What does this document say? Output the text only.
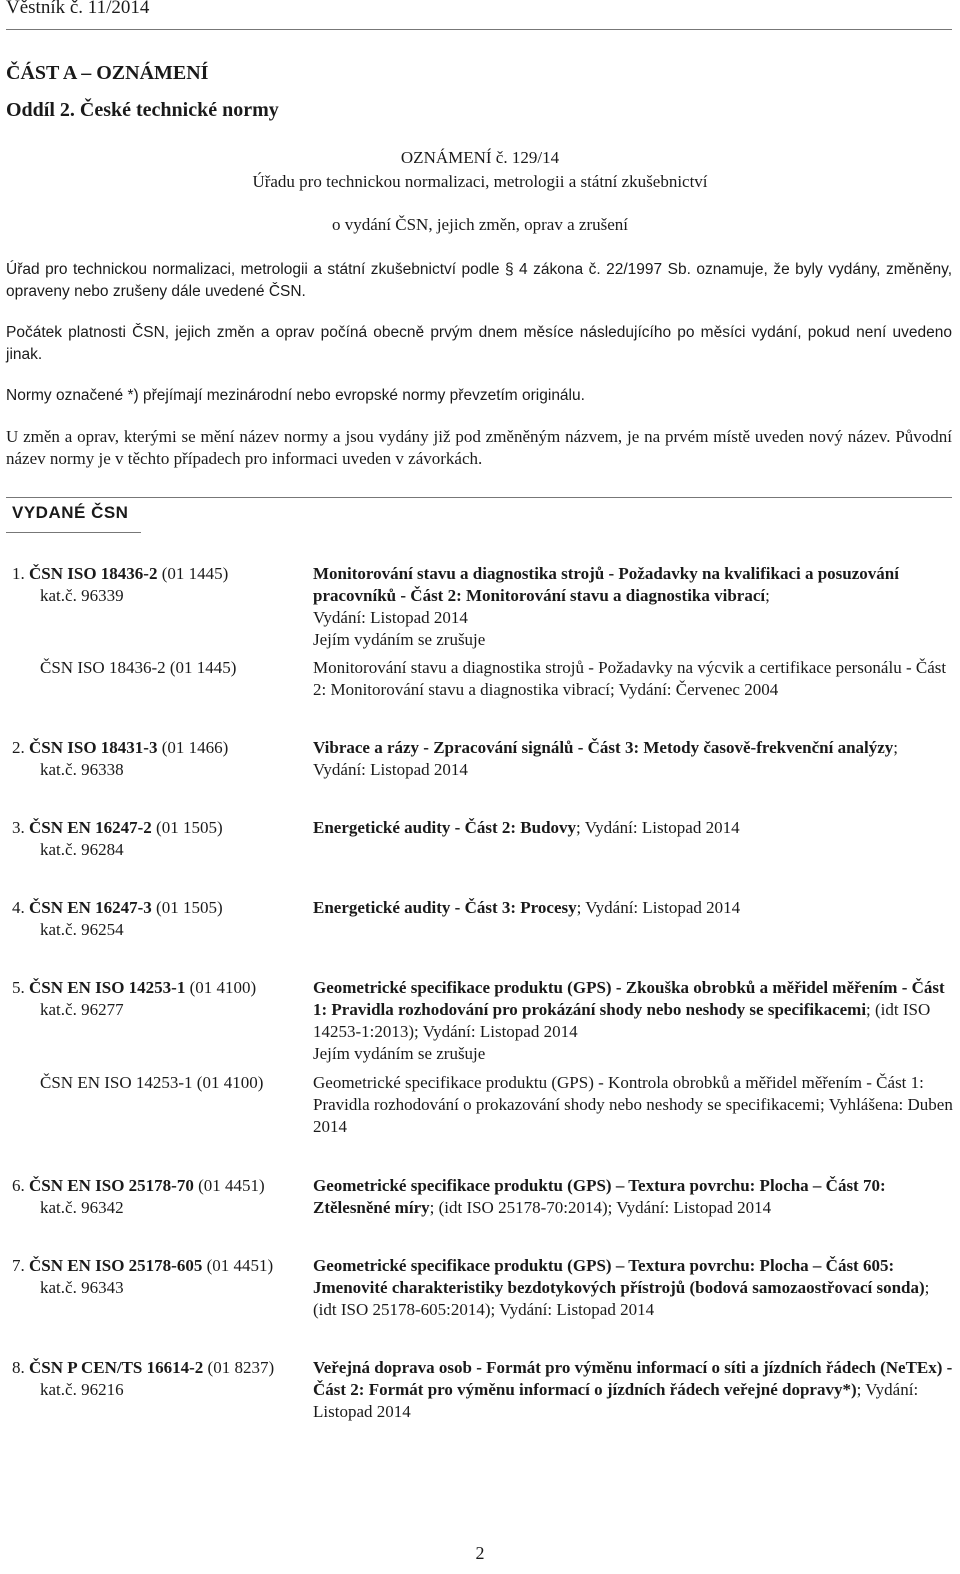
Věstník č. 11/2014
ČÁST A – OZNÁMENÍ
Oddíl 2. České technické normy
OZNÁMENÍ č. 129/14
Úřadu pro technickou normalizaci, metrologii a státní zkušebnictví
o vydání ČSN, jejich změn, oprav a zrušení
Úřad pro technickou normalizaci, metrologii a státní zkušebnictví podle § 4 zákona č. 22/1997 Sb. oznamuje, že byly vydány, změněny, opraveny nebo zrušeny dále uvedené ČSN.
Počátek platnosti ČSN, jejich změn a oprav počíná obecně prvým dnem měsíce následujícího po měsíci vydání, pokud není uvedeno jinak.
Normy označené *) přejímají mezinárodní nebo evropské normy převzetím originálu.
U změn a oprav, kterými se mění název normy a jsou vydány již pod změněným názvem, je na prvém místě uveden nový název. Původní název normy je v těchto případech pro informaci uveden v závorkách.
VYDANÉ ČSN
1. ČSN ISO 18436-2 (01 1445)
kat.č. 96339
Monitorování stavu a diagnostika strojů - Požadavky na kvalifikaci a posuzování pracovníků - Část 2: Monitorování stavu a diagnostika vibrací;
Vydání: Listopad 2014
Jejím vydáním se zrušuje
ČSN ISO 18436-2 (01 1445)	Monitorování stavu a diagnostika strojů - Požadavky na výcvik a certifikace personálu - Část 2: Monitorování stavu a diagnostika vibrací; Vydání: Červenec 2004
2. ČSN ISO 18431-3 (01 1466)
kat.č. 96338
Vibrace a rázy - Zpracování signálů - Část 3: Metody časově-frekvenční analýzy; Vydání: Listopad 2014
3. ČSN EN 16247-2 (01 1505)
kat.č. 96284
Energetické audity - Část 2: Budovy; Vydání: Listopad 2014
4. ČSN EN 16247-3 (01 1505)
kat.č. 96254
Energetické audity - Část 3: Procesy; Vydání: Listopad 2014
5. ČSN EN ISO 14253-1 (01 4100)
kat.č. 96277
Geometrické specifikace produktu (GPS) - Zkouška obrobků a měřidel měřením - Část 1: Pravidla rozhodování pro prokázání shody nebo neshody se specifikacemi; (idt ISO 14253-1:2013); Vydání: Listopad 2014
Jejím vydáním se zrušuje
ČSN EN ISO 14253-1 (01 4100)	Geometrické specifikace produktu (GPS) - Kontrola obrobků a měřidel měřením - Část 1: Pravidla rozhodování o prokazování shody nebo neshody se specifikacemi; Vyhlášena: Duben 2014
6. ČSN EN ISO 25178-70 (01 4451)
kat.č. 96342
Geometrické specifikace produktu (GPS) – Textura povrchu: Plocha – Část 70: Ztělesněné míry; (idt ISO 25178-70:2014); Vydání: Listopad 2014
7. ČSN EN ISO 25178-605 (01 4451)
kat.č. 96343
Geometrické specifikace produktu (GPS) – Textura povrchu: Plocha – Část 605: Jmenovité charakteristiky bezdotykových přístrojů (bodová samozaostřovací sonda); (idt ISO 25178-605:2014); Vydání: Listopad 2014
8. ČSN P CEN/TS 16614-2 (01 8237)
kat.č. 96216
Veřejná doprava osob - Formát pro výměnu informací o síti a jízdních řádech (NeTEx) - Část 2: Formát pro výměnu informací o jízdních řádech veřejné dopravy*); Vydání: Listopad 2014
2
